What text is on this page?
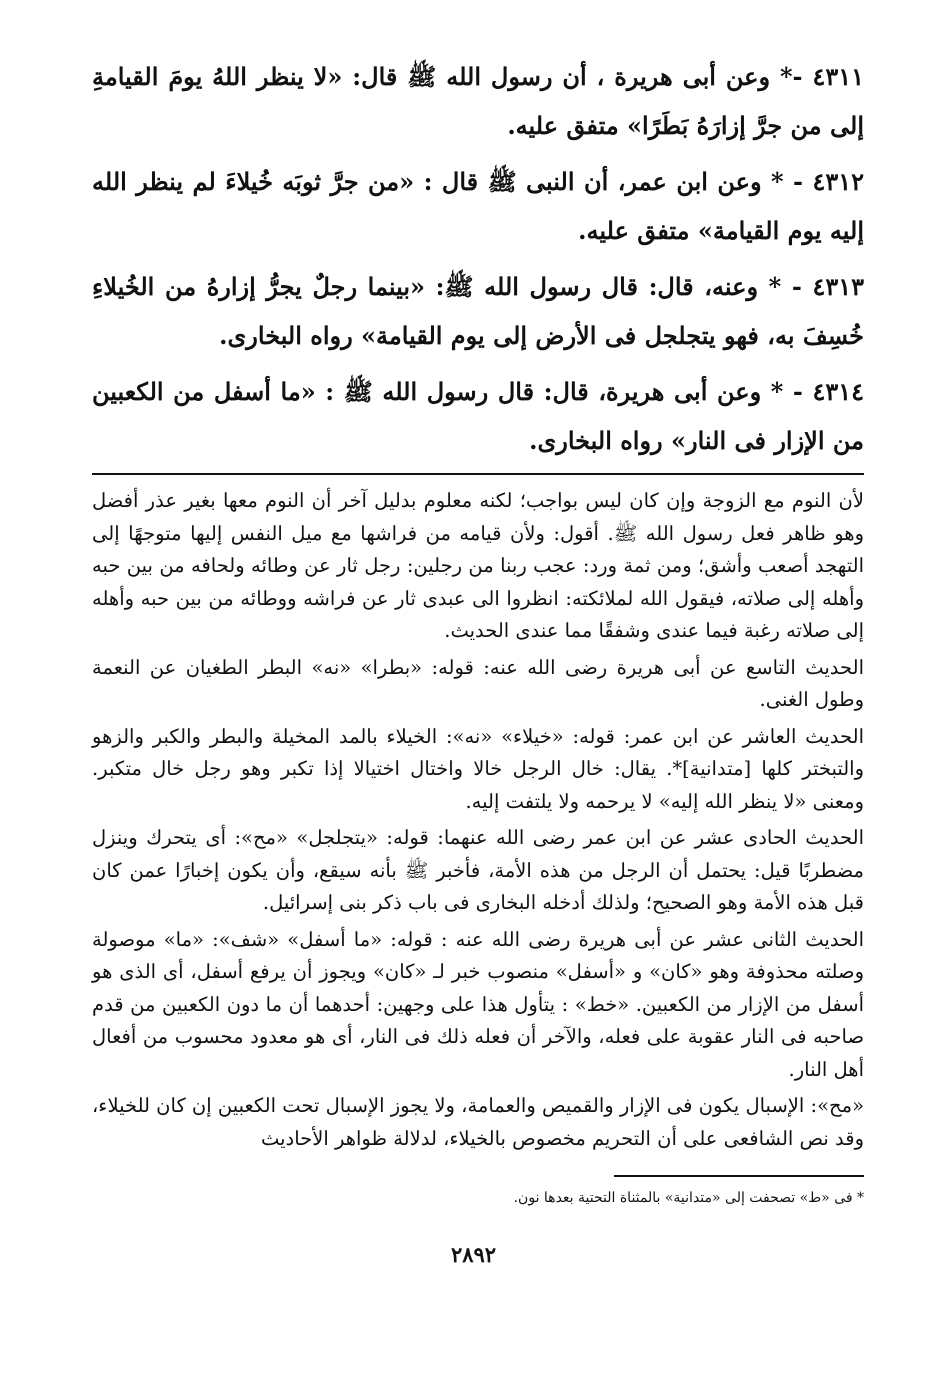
٤٣١١ -* وعن أبى هريرة ، أن رسول الله ﷺ قال: «لا ينظر اللهُ يومَ القيامةِ إلى من جرَّ إزارَهُ بَطَرًا» متفق عليه.

٤٣١٢ - * وعن ابن عمر، أن النبى ﷺ قال : «من جرَّ ثوبَه خُيلاءَ لم ينظر الله إليه يوم القيامة» متفق عليه.

٤٣١٣ - * وعنه، قال: قال رسول الله ﷺ: «بينما رجلٌ يجرُّ إزارهُ من الخُيلاءِ خُسِفَ به، فهو يتجلجل فى الأرض إلى يوم القيامة» رواه البخارى.

٤٣١٤ - * وعن أبى هريرة، قال: قال رسول الله ﷺ : «ما أسفل من الكعبين من الإزار فى النار» رواه البخارى.

لأن النوم مع الزوجة وإن كان ليس بواجب؛ لكنه معلوم بدليل آخر أن النوم معها بغير عذر أفضل وهو ظاهر فعل رسول الله ﷺ. أقول: ولأن قيامه من فراشها مع ميل النفس إليها متوجهًا إلى التهجد أصعب وأشق؛ ومن ثمة ورد: عجب ربنا من رجلين: رجل ثار عن وطائه ولحافه من بين حبه وأهله إلى صلاته، فيقول الله لملائكته: انظروا الى عبدى ثار عن فراشه ووطائه من بين حبه وأهله إلى صلاته رغبة فيما عندى وشفقًا مما عندى الحديث.

الحديث التاسع عن أبى هريرة رضى الله عنه: قوله: «بطرا» «نه» البطر الطغيان عن النعمة وطول الغنى.

الحديث العاشر عن ابن عمر: قوله: «خيلاء» «نه»: الخيلاء بالمد المخيلة والبطر والكبر والزهو والتبختر كلها [متدانية]*. يقال: خال الرجل خالا واختال اختيالا إذا تكبر وهو رجل خال متكبر. ومعنى «لا ينظر الله إليه» لا يرحمه ولا يلتفت إليه.

الحديث الحادى عشر عن ابن عمر رضى الله عنهما: قوله: «يتجلجل» «مح»: أى يتحرك وينزل مضطربًا قيل: يحتمل أن الرجل من هذه الأمة، فأخبر ﷺ بأنه سيقع، وأن يكون إخبارًا عمن كان قبل هذه الأمة وهو الصحيح؛ ولذلك أدخله البخارى فى باب ذكر بنى إسرائيل.

الحديث الثانى عشر عن أبى هريرة رضى الله عنه : قوله: «ما أسفل» «شف»: «ما» موصولة وصلته محذوفة وهو «كان» و «أسفل» منصوب خبر لـ «كان» ويجوز أن يرفع أسفل، أى الذى هو أسفل من الإزار من الكعبين. «خط» : يتأول هذا على وجهين: أحدهما أن ما دون الكعبين من قدم صاحبه فى النار عقوبة على فعله، والآخر أن فعله ذلك فى النار، أى هو معدود محسوب من أفعال أهل النار.

«مح»: الإسبال يكون فى الإزار والقميص والعمامة، ولا يجوز الإسبال تحت الكعبين إن كان للخيلاء، وقد نص الشافعى على أن التحريم مخصوص بالخيلاء، لدلالة ظواهر الأحاديث

* فى «ط» تصحفت إلى «متدانية» بالمثناة التحتية بعدها نون.

٢٨٩٢
